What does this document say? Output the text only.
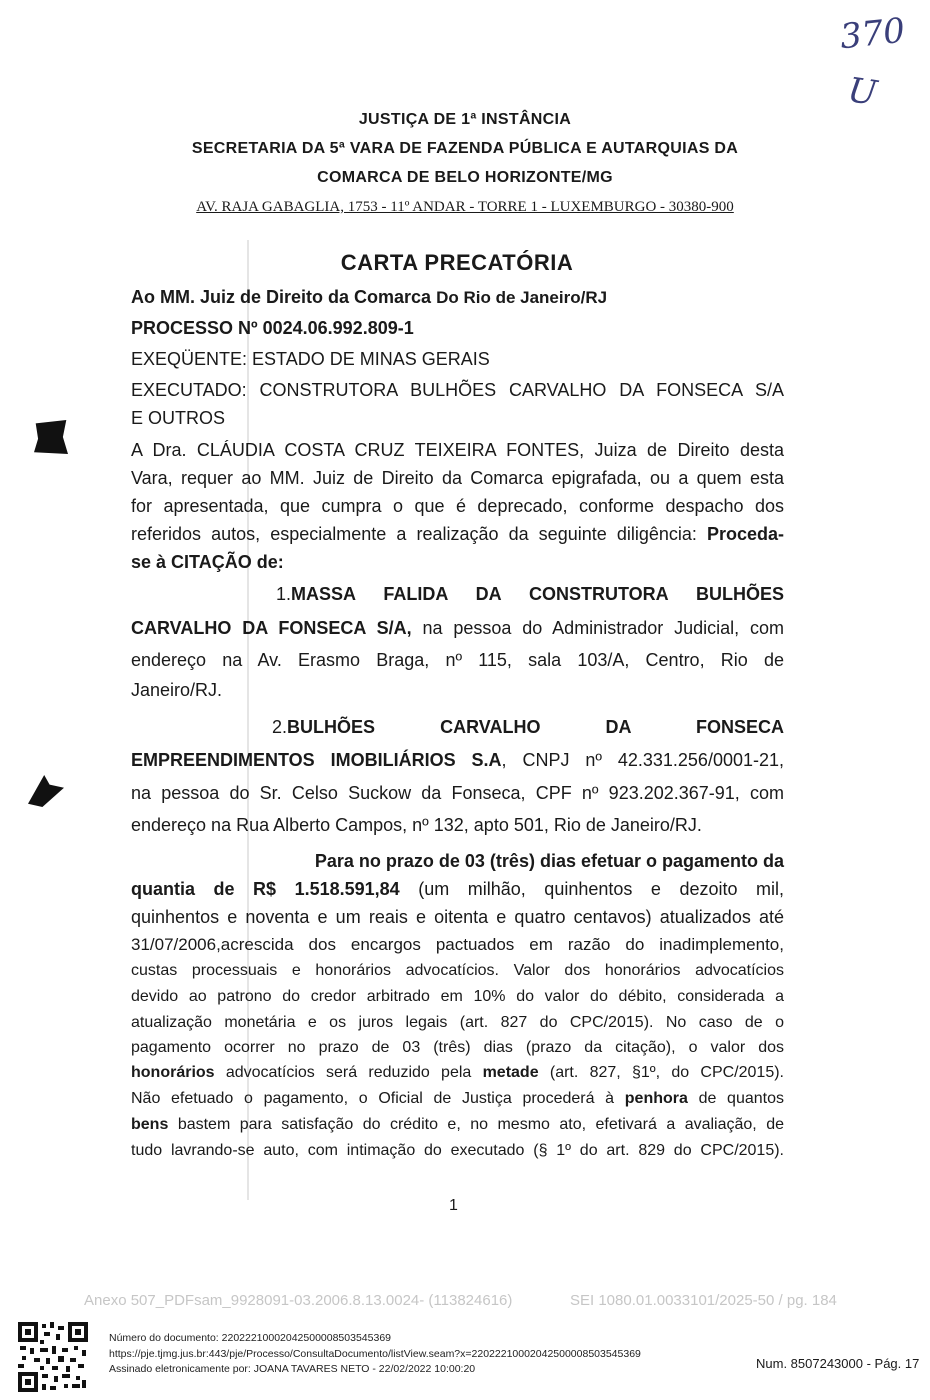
370
U
JUSTIÇA DE 1ª INSTÂNCIA
SECRETARIA DA 5ª VARA DE FAZENDA PÚBLICA E AUTARQUIAS DA
COMARCA DE BELO HORIZONTE/MG
AV. RAJA GABAGLIA, 1753 - 11º ANDAR - TORRE 1 - LUXEMBURGO - 30380-900
CARTA PRECATÓRIA
Ao MM. Juiz de Direito da Comarca Do Rio de Janeiro/RJ
PROCESSO Nº 0024.06.992.809-1
EXEQÜENTE: ESTADO DE MINAS GERAIS
EXECUTADO: CONSTRUTORA BULHÕES CARVALHO DA FONSECA S/A
E OUTROS
A Dra. CLÁUDIA COSTA CRUZ TEIXEIRA FONTES, Juiza de Direito desta
Vara, requer ao MM. Juiz de Direito da Comarca epigrafada, ou a quem esta
for apresentada, que cumpra o que é deprecado, conforme despacho dos
referidos autos, especialmente a realização da seguinte diligência: Proceda-
se à CITAÇÃO de:
1.MASSA FALIDA DA CONSTRUTORA BULHÕES
CARVALHO DA FONSECA S/A, na pessoa do Administrador Judicial, com
endereço na Av. Erasmo Braga, nº 115, sala 103/A, Centro, Rio de
Janeiro/RJ.
2.BULHÕES CARVALHO DA FONSECA
EMPREENDIMENTOS IMOBILIÁRIOS S.A, CNPJ nº 42.331.256/0001-21,
na pessoa do Sr. Celso Suckow da Fonseca, CPF nº 923.202.367-91, com
endereço na Rua Alberto Campos, nº 132, apto 501, Rio de Janeiro/RJ.
Para no prazo de 03 (três) dias efetuar o pagamento da
quantia de R$ 1.518.591,84 (um milhão, quinhentos e dezoito mil,
quinhentos e noventa e um reais e oitenta e quatro centavos) atualizados até
31/07/2006,acrescida dos encargos pactuados em razão do inadimplemento,
custas processuais e honorários advocatícios. Valor dos honorários advocatícios
devido ao patrono do credor arbitrado em 10% do valor do débito, considerada a
atualização monetária e os juros legais (art. 827 do CPC/2015). No caso de o
pagamento ocorrer no prazo de 03 (três) dias (prazo da citação), o valor dos
honorários advocatícios será reduzido pela metade (art. 827, §1º, do CPC/2015).
Não efetuado o pagamento, o Oficial de Justiça procederá à penhora de quantos
bens bastem para satisfação do crédito e, no mesmo ato, efetivará a avaliação, de
tudo lavrando-se auto, com intimação do executado (§ 1º do art. 829 do CPC/2015).
1
Anexo 507_PDFsam_9928091-03.2006.8.13.0024- (113824616)	SEI 1080.01.0033101/2025-50 / pg. 184
Número do documento: 22022210002042500008503545369
https://pje.tjmg.jus.br:443/pje/Processo/ConsultaDocumento/listView.seam?x=22022210002042500008503545369
Assinado eletronicamente por: JOANA TAVARES NETO - 22/02/2022 10:00:20	Num. 8507243000 - Pág. 17
